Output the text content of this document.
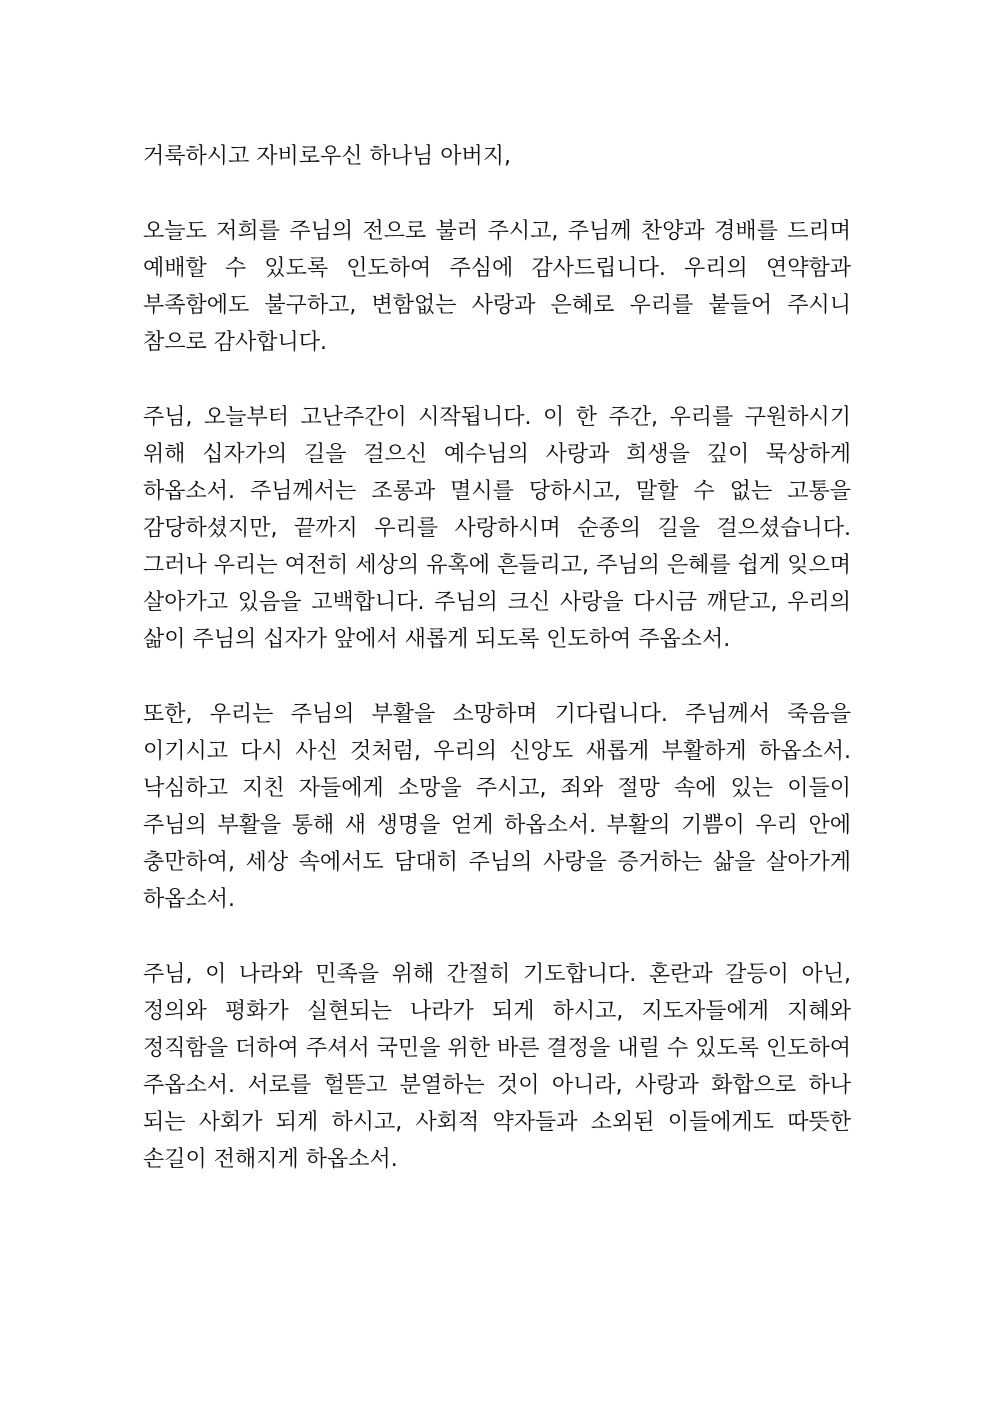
거룩하시고 자비로우신 하나님 아버지,

오늘도 저희를 주님의 전으로 불러 주시고, 주님께 찬양과 경배를 드리며 예배할 수 있도록 인도하여 주심에 감사드립니다. 우리의 연약함과 부족함에도 불구하고, 변함없는 사랑과 은혜로 우리를 붙들어 주시니 참으로 감사합니다.

주님, 오늘부터 고난주간이 시작됩니다. 이 한 주간, 우리를 구원하시기 위해 십자가의 길을 걸으신 예수님의 사랑과 희생을 깊이 묵상하게 하옵소서. 주님께서는 조롱과 멸시를 당하시고, 말할 수 없는 고통을 감당하셨지만, 끝까지 우리를 사랑하시며 순종의 길을 걸으셨습니다. 그러나 우리는 여전히 세상의 유혹에 흔들리고, 주님의 은혜를 쉽게 잊으며 살아가고 있음을 고백합니다. 주님의 크신 사랑을 다시금 깨닫고, 우리의 삶이 주님의 십자가 앞에서 새롭게 되도록 인도하여 주옵소서.

또한, 우리는 주님의 부활을 소망하며 기다립니다. 주님께서 죽음을 이기시고 다시 사신 것처럼, 우리의 신앙도 새롭게 부활하게 하옵소서. 낙심하고 지친 자들에게 소망을 주시고, 죄와 절망 속에 있는 이들이 주님의 부활을 통해 새 생명을 얻게 하옵소서. 부활의 기쁨이 우리 안에 충만하여, 세상 속에서도 담대히 주님의 사랑을 증거하는 삶을 살아가게 하옵소서.

주님, 이 나라와 민족을 위해 간절히 기도합니다. 혼란과 갈등이 아닌, 정의와 평화가 실현되는 나라가 되게 하시고, 지도자들에게 지혜와 정직함을 더하여 주셔서 국민을 위한 바른 결정을 내릴 수 있도록 인도하여 주옵소서. 서로를 헐뜯고 분열하는 것이 아니라, 사랑과 화합으로 하나 되는 사회가 되게 하시고, 사회적 약자들과 소외된 이들에게도 따뜻한 손길이 전해지게 하옵소서.
